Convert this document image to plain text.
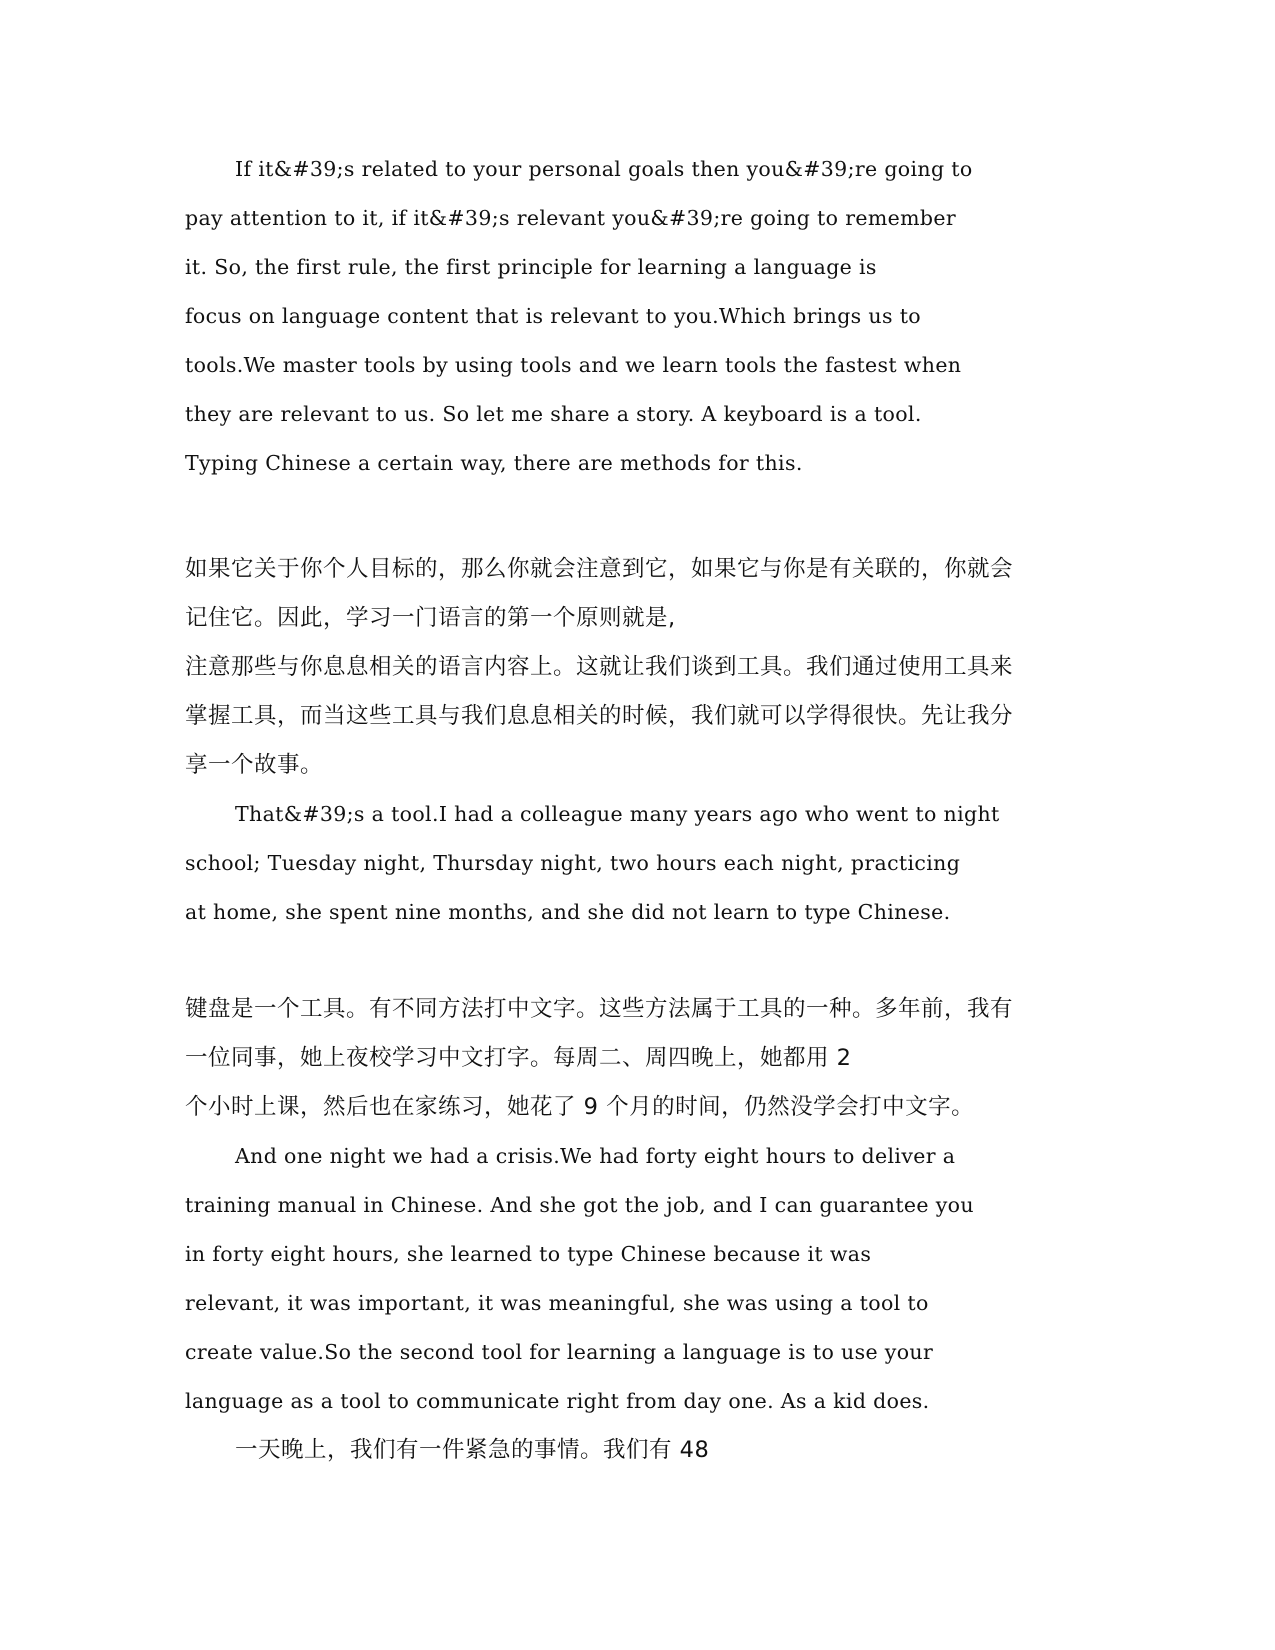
If it&#39;s related to your personal goals then you&#39;re going to
pay attention to it, if it&#39;s relevant you&#39;re going to remember
it. So, the first rule, the first principle for learning a language is
focus on language content that is relevant to you.Which brings us to
tools.We master tools by using tools and we learn tools the fastest when
they are relevant to us. So let me share a story. A keyboard is a tool.
Typing Chinese a certain way, there are methods for this.
如果它关于你个人目标的，那么你就会注意到它，如果它与你是有关联的，你就会
记住它。因此，学习一门语言的第一个原则就是,
注意那些与你息息相关的语言内容上。这就让我们谈到工具。我们通过使用工具来
掌握工具，而当这些工具与我们息息相关的时候，我们就可以学得很快。先让我分
享一个故事。
That&#39;s a tool.I had a colleague many years ago who went to night
school; Tuesday night, Thursday night, two hours each night, practicing
at home, she spent nine months, and she did not learn to type Chinese.
键盘是一个工具。有不同方法打中文字。这些方法属于工具的一种。多年前，我有
一位同事，她上夜校学习中文打字。每周二、周四晚上，她都用 2
个小时上课，然后也在家练习，她花了 9 个月的时间，仍然没学会打中文字。
And one night we had a crisis.We had forty eight hours to deliver a
training manual in Chinese. And she got the job, and I can guarantee you
in forty eight hours, she learned to type Chinese because it was
relevant, it was important, it was meaningful, she was using a tool to
create value.So the second tool for learning a language is to use your
language as a tool to communicate right from day one. As a kid does.
一天晚上，我们有一件紧急的事情。我们有 48
